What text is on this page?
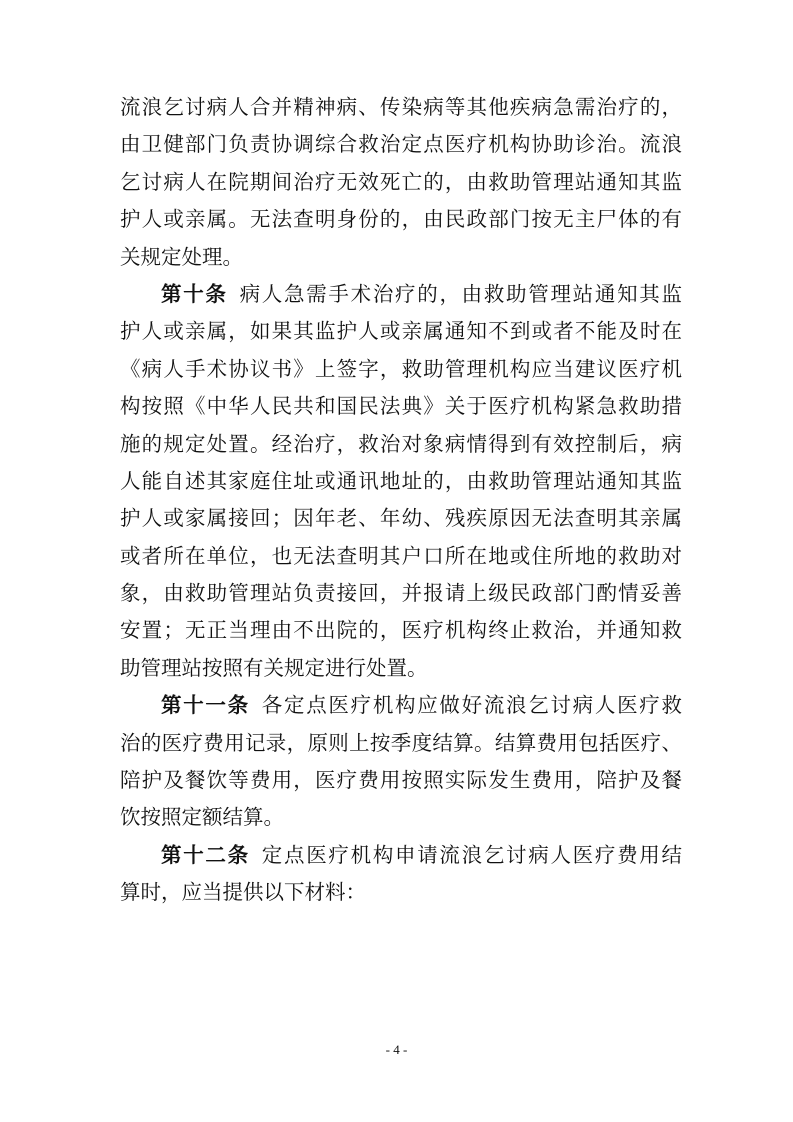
流浪乞讨病人合并精神病、传染病等其他疾病急需治疗的，
由卫健部门负责协调综合救治定点医疗机构协助诊治。流浪
乞讨病人在院期间治疗无效死亡的，由救助管理站通知其监
护人或亲属。无法查明身份的，由民政部门按无主尸体的有
关规定处理。
第十条  病人急需手术治疗的，由救助管理站通知其监
护人或亲属，如果其监护人或亲属通知不到或者不能及时在
《病人手术协议书》上签字，救助管理机构应当建议医疗机
构按照《中华人民共和国民法典》关于医疗机构紧急救助措
施的规定处置。经治疗，救治对象病情得到有效控制后，病
人能自述其家庭住址或通讯地址的，由救助管理站通知其监
护人或家属接回；因年老、年幼、残疾原因无法查明其亲属
或者所在单位，也无法查明其户口所在地或住所地的救助对
象，由救助管理站负责接回，并报请上级民政部门酌情妥善
安置；无正当理由不出院的，医疗机构终止救治，并通知救
助管理站按照有关规定进行处置。
第十一条  各定点医疗机构应做好流浪乞讨病人医疗救
治的医疗费用记录，原则上按季度结算。结算费用包括医疗、
陪护及餐饮等费用，医疗费用按照实际发生费用，陪护及餐
饮按照定额结算。
第十二条  定点医疗机构申请流浪乞讨病人医疗费用结
算时，应当提供以下材料：
- 4 -
